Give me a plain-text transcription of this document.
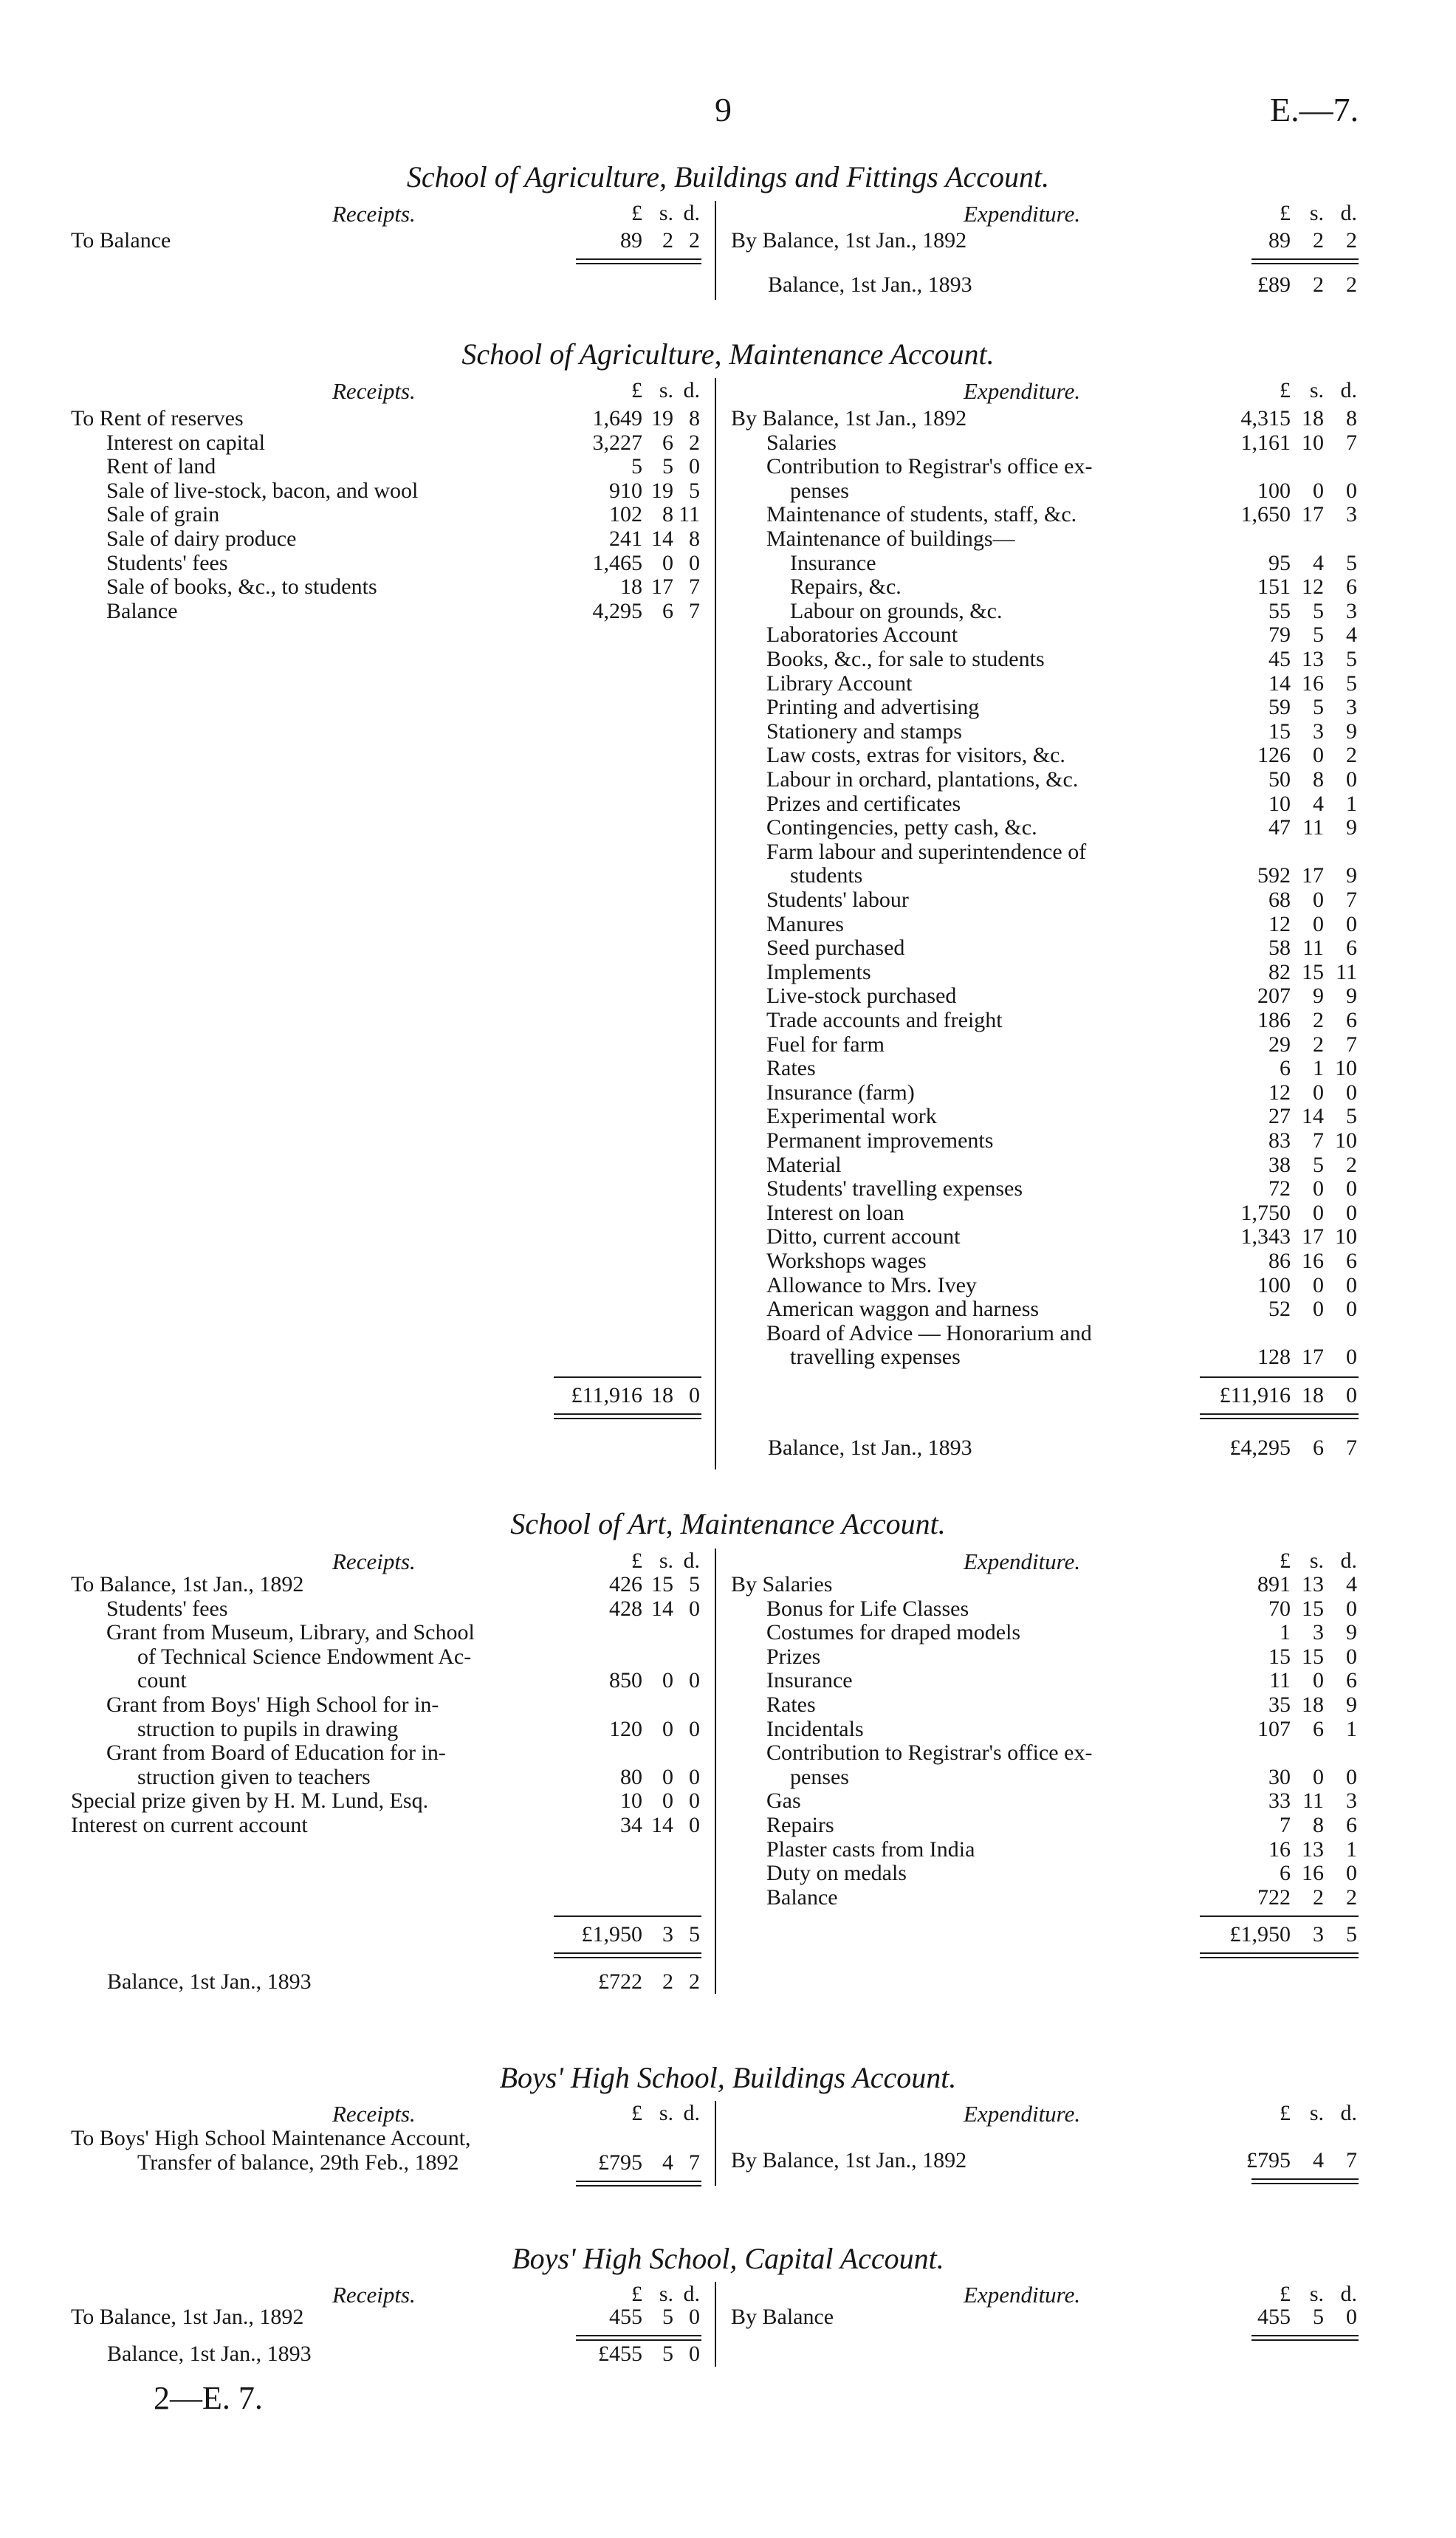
9	E.—7.
2—E. 7.
School of Agriculture, Buildings and Fittings Account.
Receipts.	Expenditure.
£ s. d.	£ s. d.
To Balance	89 2 2 By Balance, 1st Jan., 1892	89 2 2
Balance, 1st Jan., 1893	£89 2 2
School of Agriculture, Maintenance Account.
Receipts.	Expenditure.
£ s. d.	£ s. d.
To Rent of reserves	1,649 19 8
Interest on capital	3,227 6 2
Rent of land	5 5 0
Sale of live-stock, bacon, and wool	910 19 5
Sale of grain	102 8 11
Sale of dairy produce	241 14 8
Students' fees	1,465 0 0
Sale of books, &c., to students	18 17 7
Balance	4,295 6 7
By Balance, 1st Jan., 1892	4,315 18 8
Salaries	1,161 10 7
Contribution to Registrar's office ex-
penses	100 0 0
Maintenance of students, staff, &c.	1,650 17 3
Maintenance of buildings—
Insurance	95 4 5
Repairs, &c.	151 12 6
Labour on grounds, &c.	55 5 3
Laboratories Account	79 5 4
Books, &c., for sale to students	45 13 5
Library Account	14 16 5
Printing and advertising	59 5 3
Stationery and stamps	15 3 9
Law costs, extras for visitors, &c.	126 0 2
Labour in orchard, plantations, &c.	50 8 0
Prizes and certificates	10 4 1
Contingencies, petty cash, &c.	47 11 9
Farm labour and superintendence of
students	592 17 9
Students' labour	68 0 7
Manures	12 0 0
Seed purchased	58 11 6
Implements	82 15 11
Live-stock purchased	207 9 9
Trade accounts and freight	186 2 6
Fuel for farm	29 2 7
Rates	6 1 10
Insurance (farm)	12 0 0
Experimental work	27 14 5
Permanent improvements	83 7 10
Material	38 5 2
Students' travelling expenses	72 0 0
Interest on loan	1,750 0 0
Ditto, current account	1,343 17 10
Workshops wages	86 16 6
Allowance to Mrs. Ivey	100 0 0
American waggon and harness	52 0 0
Board of Advice — Honorarium and
travelling expenses	128 17 0
£11,916 18 0	£11,916 18 0
Balance, 1st Jan., 1893	£4,295 6 7
School of Art, Maintenance Account.
Receipts.	Expenditure.
£ s. d.	£ s. d.
To Balance, 1st Jan., 1892	426 15 5
Students' fees	428 14 0
Grant from Museum, Library, and School
of Technical Science Endowment Ac-
count	850 0 0
Grant from Boys' High School for in-
struction to pupils in drawing	120 0 0
Grant from Board of Education for in-
struction given to teachers	80 0 0
Special prize given by H. M. Lund, Esq.	10 0 0
Interest on current account	34 14 0
By Salaries	891 13 4
Bonus for Life Classes	70 15 0
Costumes for draped models	1 3 9
Prizes	15 15 0
Insurance	11 0 6
Rates	35 18 9
Incidentals	107 6 1
Contribution to Registrar's office ex-
penses	30 0 0
Gas	33 11 3
Repairs	7 8 6
Plaster casts from India	16 13 1
Duty on medals	6 16 0
Balance	722 2 2
£1,950 3 5	£1,950 3 5
Balance, 1st Jan., 1893	£722 2 2
Boys' High School, Buildings Account.
Receipts.	Expenditure.
£ s. d.	£ s. d.
To Boys' High School Maintenance Account,
Transfer of balance, 29th Feb., 1892	£795 4 7 By Balance, 1st Jan., 1892	£795 4 7
Boys' High School, Capital Account.
Receipts.	Expenditure.
£ s. d.	£ s. d.
To Balance, 1st Jan., 1892	455 5 0 By Balance	455 5 0
Balance, 1st Jan., 1893	£455 5 0
